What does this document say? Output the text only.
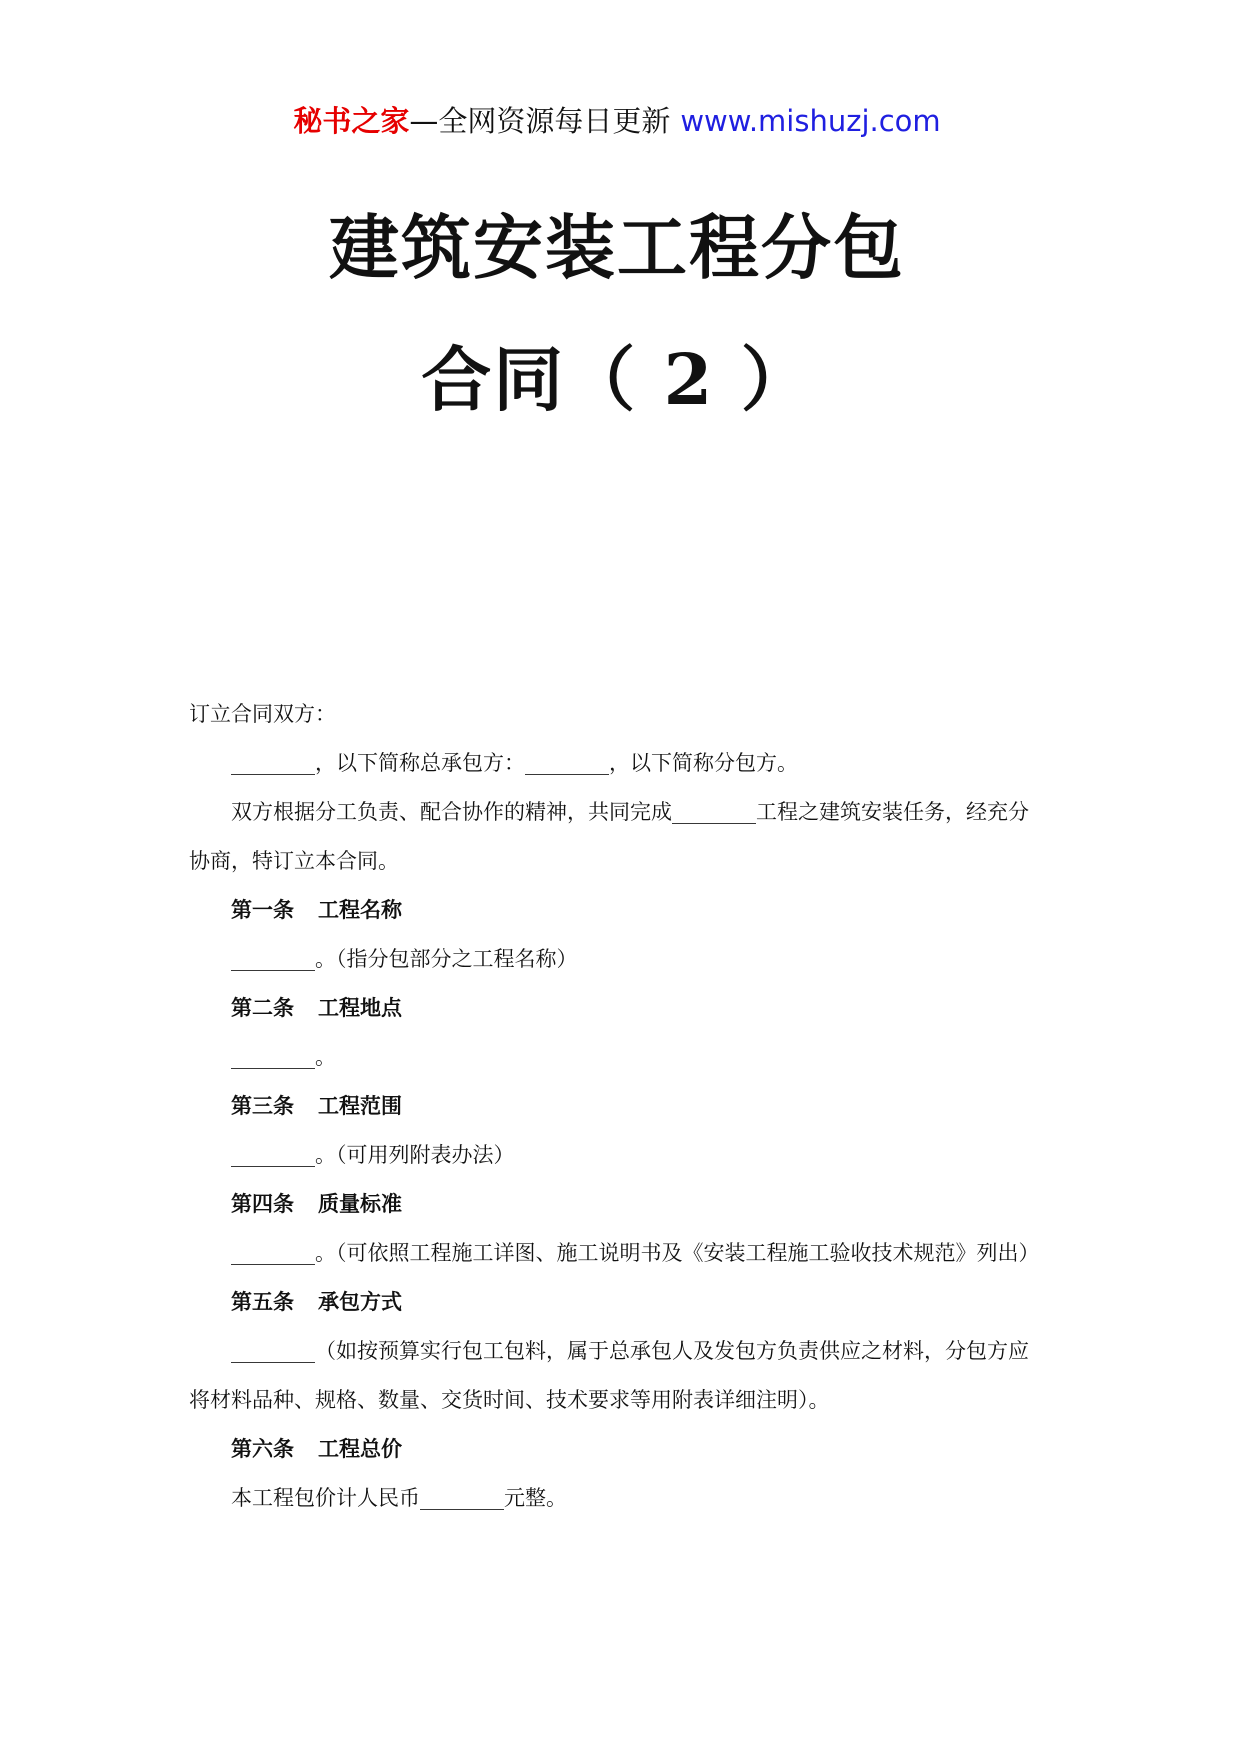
秘书之家—全网资源每日更新 www.mishuzj.com
建筑安装工程分包
合同（ 2 ）

订立合同双方：

________，以下简称总承包方：________，以下简称分包方。

双方根据分工负责、配合协作的精神，共同完成________工程之建筑安装任务，经充分协商，特订立本合同。

第一条 工程名称

________。（指分包部分之工程名称）

第二条 工程地点

________。

第三条 工程范围

________。（可用列附表办法）

第四条 质量标准

________。（可依照工程施工详图、施工说明书及《安装工程施工验收技术规范》列出）

第五条 承包方式

________（如按预算实行包工包料，属于总承包人及发包方负责供应之材料，分包方应将材料品种、规格、数量、交货时间、技术要求等用附表详细注明）。

第六条 工程总价

本工程包价计人民币________元整。
